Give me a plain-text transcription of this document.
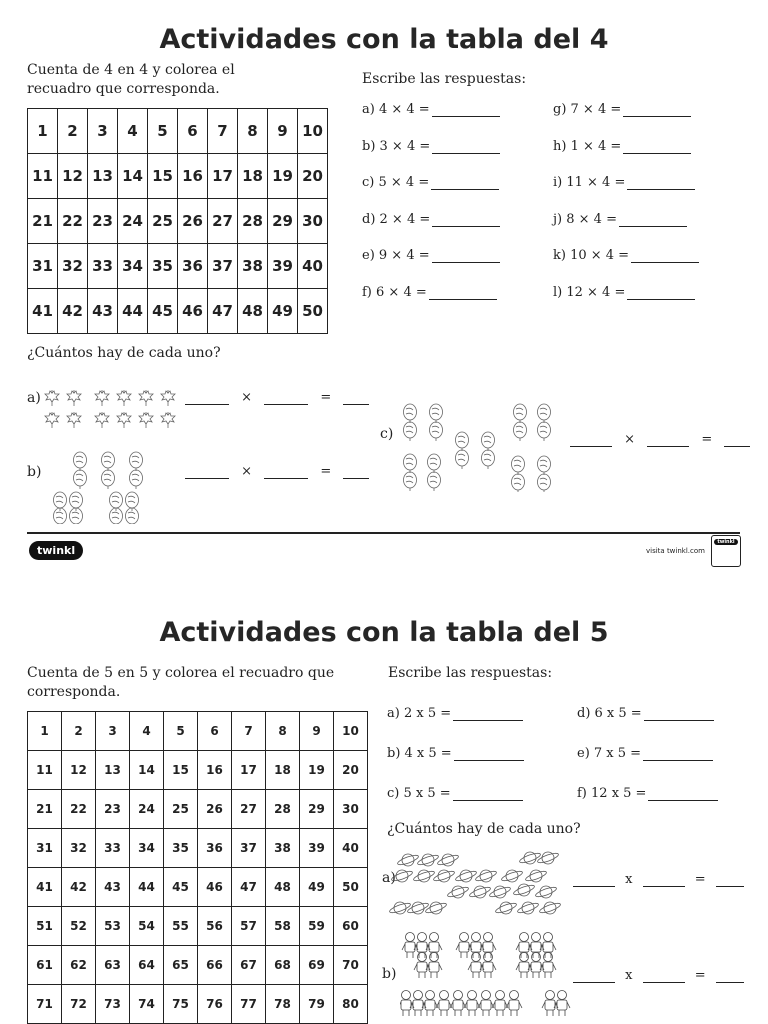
Actividades con la tabla del 4
Cuenta de 4 en 4 y colorea el recuadro que corresponda.
1	2	3	4	5	6	7	8	9	10
11	12	13	14	15	16	17	18	19	20
21	22	23	24	25	26	27	28	29	30
31	32	33	34	35	36	37	38	39	40
41	42	43	44	45	46	47	48	49	50
Escribe las respuestas:
a) 4 × 4 =
b) 3 × 4 =
c) 5 × 4 =
d) 2 × 4 =
e) 9 × 4 =
f) 6 × 4 =
g) 7 × 4 =
h) 1 × 4 =
i) 11 × 4 =
j) 8 × 4 =
k) 10 × 4 =
l) 12 × 4 =
¿Cuántos hay de cada uno?
a)	×	=
b)	×	=
c)	×	=
twinkl	visita twinkl.com
twinkl
Actividades con la tabla del 5
Cuenta de 5 en 5 y colorea el recuadro que corresponda.
1	2	3	4	5	6	7	8	9	10
11	12	13	14	15	16	17	18	19	20
21	22	23	24	25	26	27	28	29	30
31	32	33	34	35	36	37	38	39	40
41	42	43	44	45	46	47	48	49	50
51	52	53	54	55	56	57	58	59	60
61	62	63	64	65	66	67	68	69	70
71	72	73	74	75	76	77	78	79	80
Escribe las respuestas:
a) 2 x 5 =
b) 4 x 5 =
c) 5 x 5 =
d) 6 x 5 =
e) 7 x 5 =
f) 12 x 5 =
¿Cuántos hay de cada uno?
a)	x	=
b)	x	=
